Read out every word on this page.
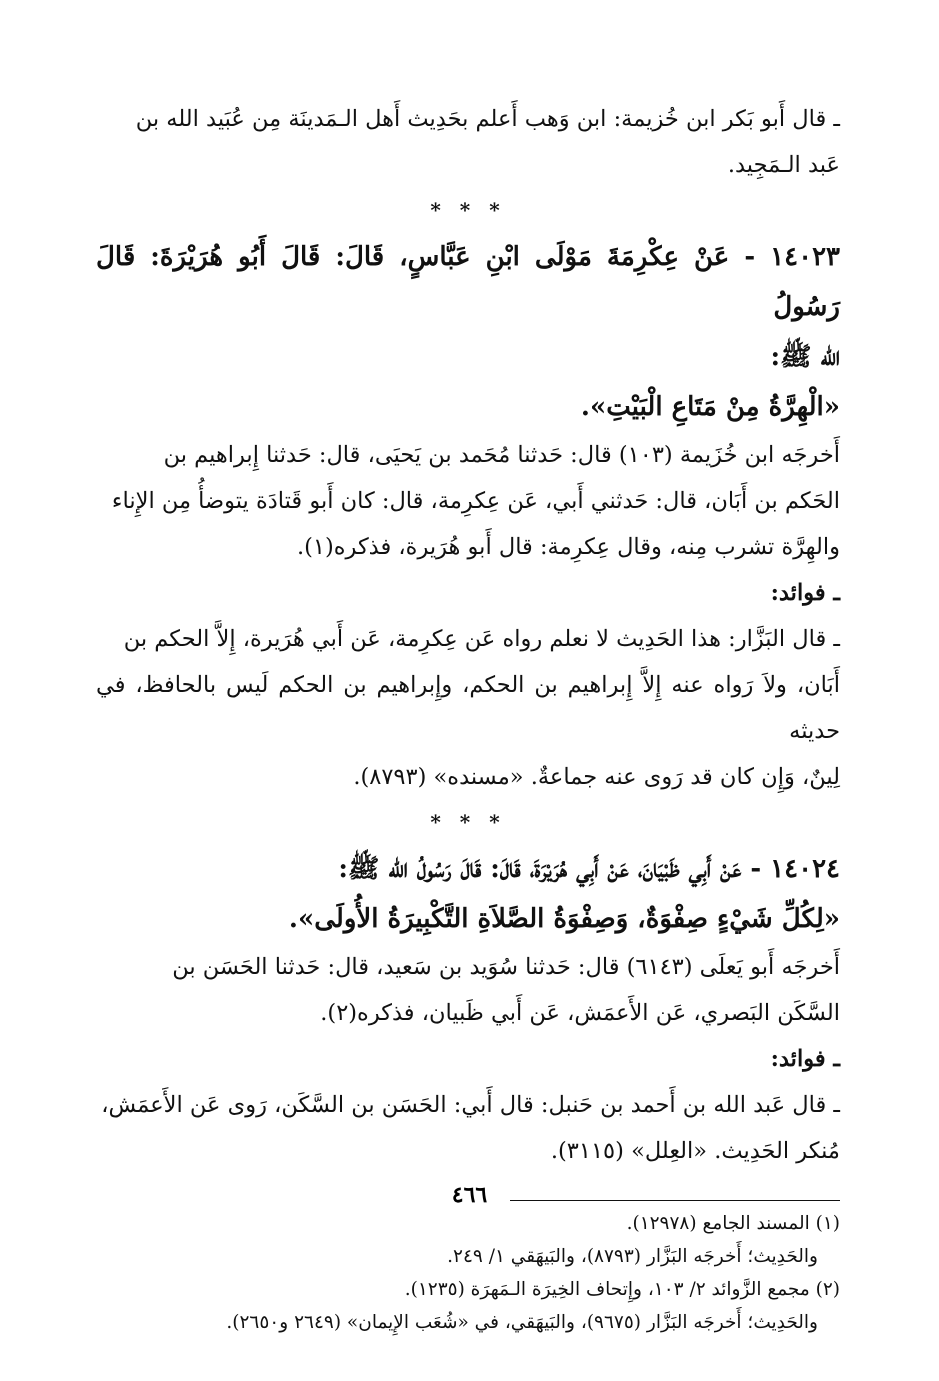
ـ قال أَبو بَكر ابن خُزيمة: ابن وَهب أَعلم بحَدِيث أَهل الـمَدينَة مِن عُبَيد الله بن

عَبد الـمَجِيد.

* * *

١٤٠٢٣ - عَنْ عِكْرِمَةَ مَوْلَى ابْنِ عَبَّاسٍ، قَالَ: قَالَ أَبُو هُرَيْرَةَ: قَالَ رَسُولُ

الله ﷺ:

«الْهِرَّةُ مِنْ مَتَاعِ الْبَيْتِ».

أَخرجَه ابن خُزَيمة (١٠٣) قال: حَدثنا مُحَمد بن يَحيَى، قال: حَدثنا إِبراهيم بن

الحَكم بن أَبَان، قال: حَدثني أَبي، عَن عِكرِمة، قال: كان أَبو قَتادَة يتوضأُ مِن الإِناء

والهِرَّة تشرب مِنه، وقال عِكرِمة: قال أَبو هُرَيرة، فذكره(١).

ـ فوائد:

ـ قال البَزَّار: هذا الحَدِيث لا نعلم رواه عَن عِكرِمة، عَن أَبي هُرَيرة، إِلاَّ الحكم بن

أَبَان، ولاَ رَواه عنه إِلاَّ إِبراهيم بن الحكم، وإِبراهيم بن الحكم لَيس بالحافظ، في حديثه

لِينٌ، وَإِن كان قد رَوى عنه جماعةٌ. «مسنده» (٨٧٩٣).

* * *

١٤٠٢٤ - عَنْ أَبِي ظَبْيَانَ، عَنْ أَبِي هُرَيْرَةَ، قَالَ: قَالَ رَسُولُ الله ﷺ:

«لِكُلِّ شَيْءٍ صِفْوَةٌ، وَصِفْوَةُ الصَّلاَةِ التَّكْبِيرَةُ الأُولَى».

أَخرجَه أَبو يَعلَى (٦١٤٣) قال: حَدثنا سُوَيد بن سَعيد، قال: حَدثنا الحَسَن بن

السَّكَن البَصري، عَن الأَعمَش، عَن أَبي ظَبيان، فذكره(٢).

ـ فوائد:

ـ قال عَبد الله بن أَحمد بن حَنبل: قال أَبي: الحَسَن بن السَّكَن، رَوى عَن الأَعمَش،

مُنكر الحَدِيث. «العِلل» (٣١١٥).

(١) المسند الجامع (١٢٩٧٨).

والحَدِيث؛ أَخرجَه البَزَّار (٨٧٩٣)، والبَيهَقي ١/ ٢٤٩.

(٢) مجمع الزَّوائد ٢/ ١٠٣، وإِتحاف الخِيرَة الـمَهرَة (١٢٣٥).

والحَدِيث؛ أَخرجَه البَزَّار (٩٦٧٥)، والبَيهَقي، في «شُعَب الإِيمان» (٢٦٤٩ و٢٦٥٠).

٤٦٦
